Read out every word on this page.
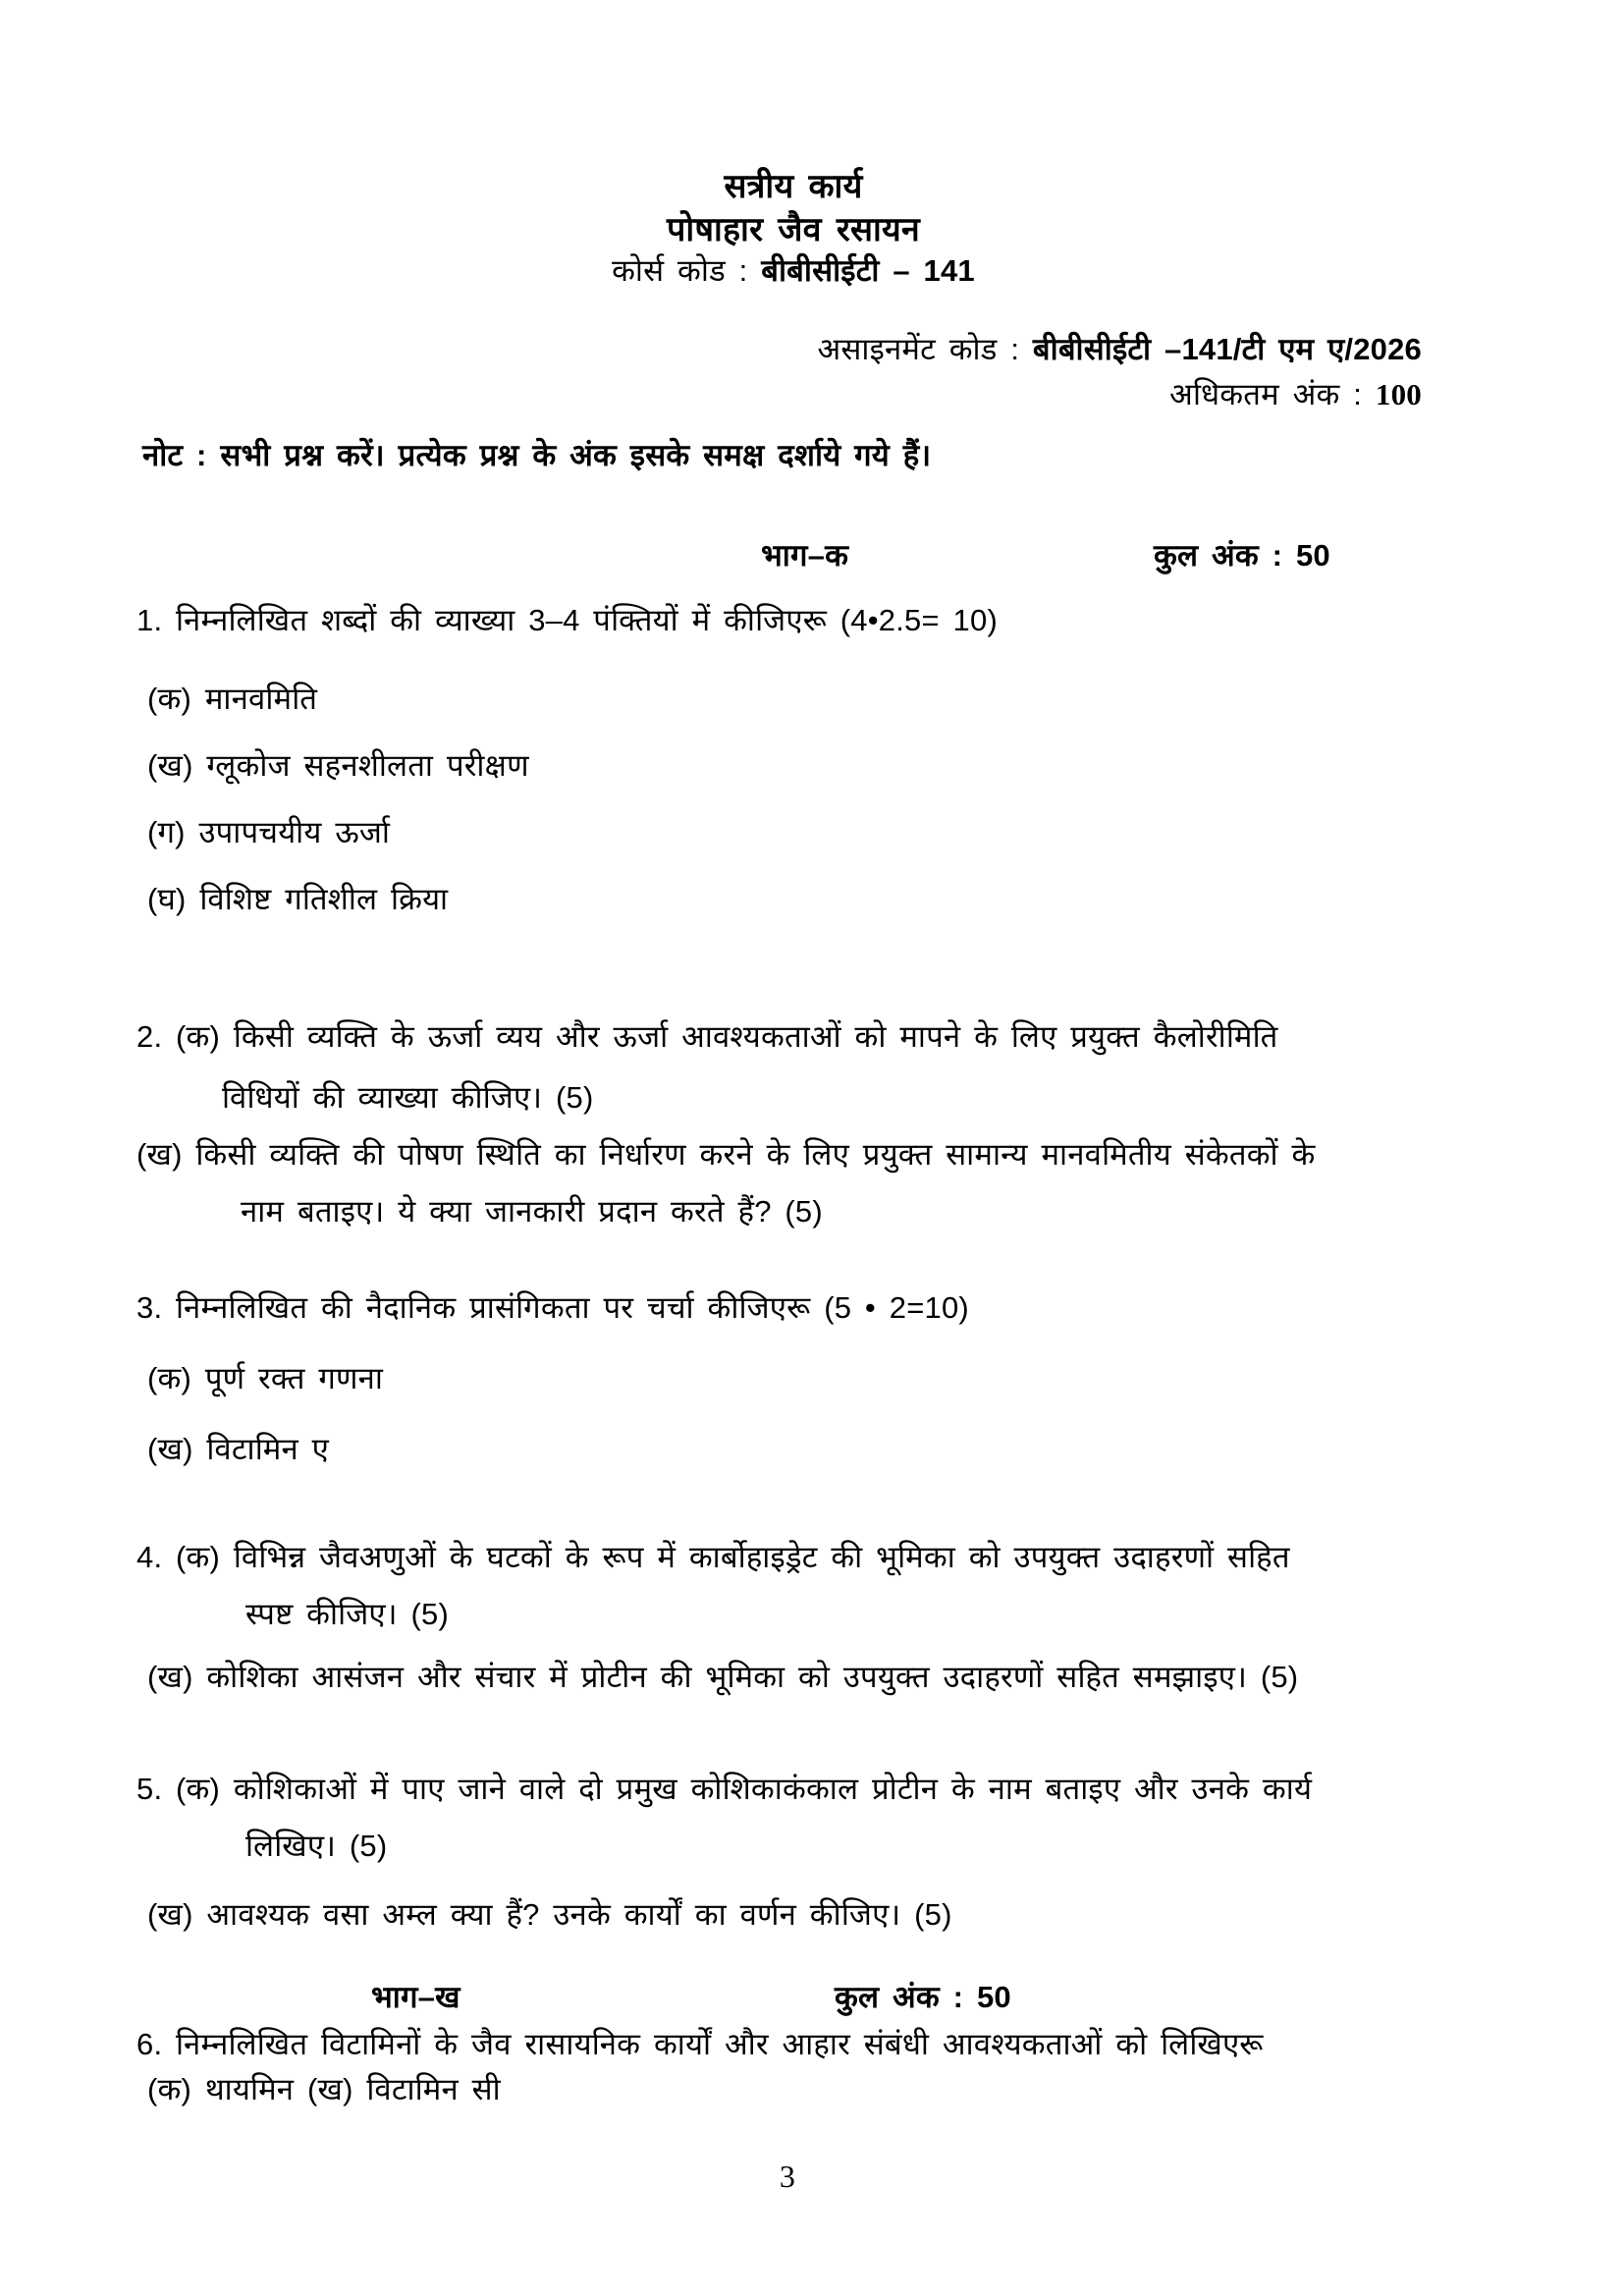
सत्रीय कार्य
पोषाहार जैव रसायन
कोर्स कोड : बीबीसीईटी – 141
असाइनमेंट कोड : बीबीसीईटी –141/टी एम ए/2026
अधिकतम अंक : 100
नोट : सभी प्रश्न करें। प्रत्येक प्रश्न के अंक इसके समक्ष दर्शाये गये हैं।
भाग–क	कुल अंक : 50
1. निम्नलिखित शब्दों की व्याख्या 3–4 पंक्तियों में कीजिएरू (4•2.5= 10)
(क) मानवमिति
(ख) ग्लूकोज सहनशीलता परीक्षण
(ग) उपापचयीय ऊर्जा
(घ) विशिष्ट गतिशील क्रिया
2. (क) किसी व्यक्ति के ऊर्जा व्यय और ऊर्जा आवश्यकताओं को मापने के लिए प्रयुक्त कैलोरीमिति
विधियों की व्याख्या कीजिए। (5)
(ख) किसी व्यक्ति की पोषण स्थिति का निर्धारण करने के लिए प्रयुक्त सामान्य मानवमितीय संकेतकों के
नाम बताइए। ये क्या जानकारी प्रदान करते हैं? (5)
3. निम्नलिखित की नैदानिक प्रासंगिकता पर चर्चा कीजिएरू (5 • 2=10)
(क) पूर्ण रक्त गणना
(ख) विटामिन ए
4. (क) विभिन्न जैवअणुओं के घटकों के रूप में कार्बोहाइड्रेट की भूमिका को उपयुक्त उदाहरणों सहित
स्पष्ट कीजिए। (5)
(ख) कोशिका आसंजन और संचार में प्रोटीन की भूमिका को उपयुक्त उदाहरणों सहित समझाइए। (5)
5. (क) कोशिकाओं में पाए जाने वाले दो प्रमुख कोशिकाकंकाल प्रोटीन के नाम बताइए और उनके कार्य
लिखिए। (5)
(ख) आवश्यक वसा अम्ल क्या हैं? उनके कार्यों का वर्णन कीजिए। (5)
भाग–ख	कुल अंक : 50
6. निम्नलिखित विटामिनों के जैव रासायनिक कार्यों और आहार संबंधी आवश्यकताओं को लिखिएरू
(क) थायमिन (ख) विटामिन सी
3
